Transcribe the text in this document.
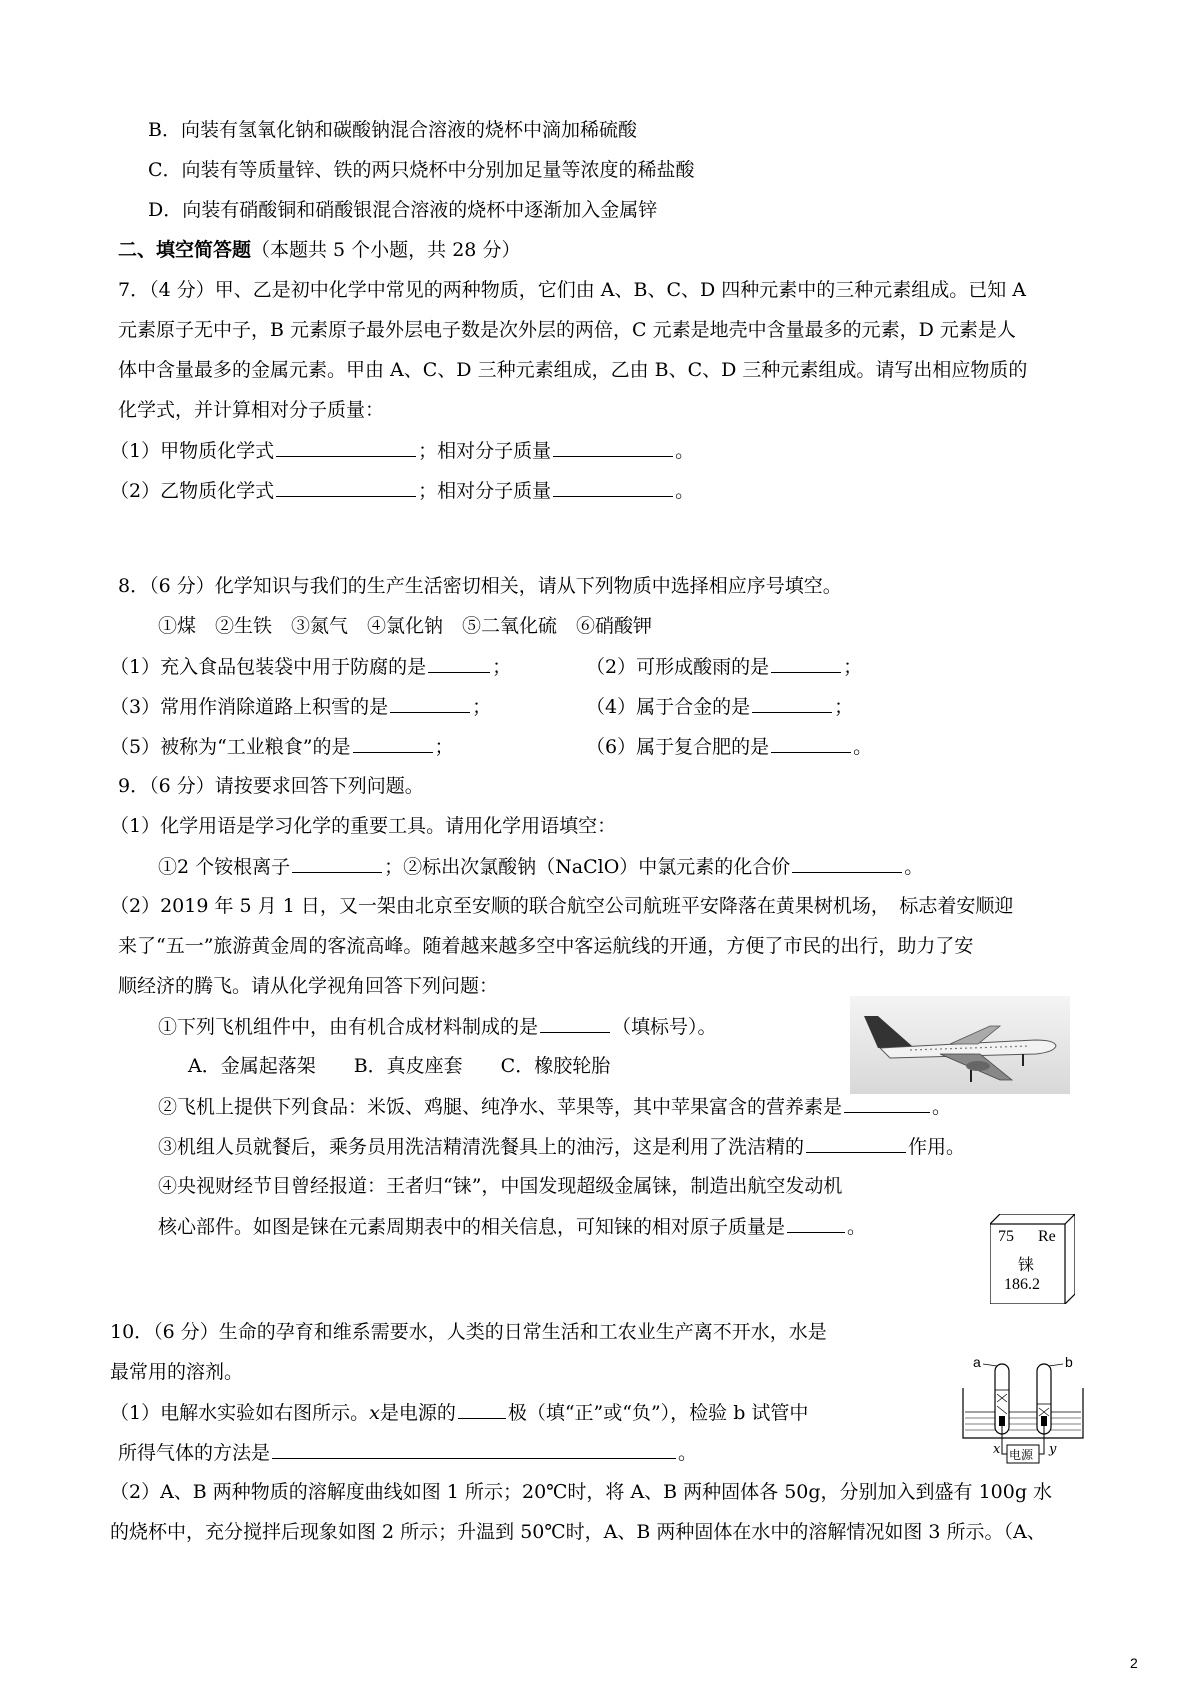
B．向装有氢氧化钠和碳酸钠混合溶液的烧杯中滴加稀硫酸
C．向装有等质量锌、铁的两只烧杯中分别加足量等浓度的稀盐酸
D．向装有硝酸铜和硝酸银混合溶液的烧杯中逐渐加入金属锌
二、填空简答题（本题共 5 个小题，共 28 分）
7．（4 分）甲、乙是初中化学中常见的两种物质，它们由 A、B、C、D 四种元素中的三种元素组成。已知 A
元素原子无中子，B 元素原子最外层电子数是次外层的两倍，C 元素是地壳中含量最多的元素，D 元素是人
体中含量最多的金属元素。甲由 A、C、D 三种元素组成，乙由 B、C、D 三种元素组成。请写出相应物质的
化学式，并计算相对分子质量：
（1）甲物质化学式	；相对分子质量	。
（2）乙物质化学式	；相对分子质量	。
8．（6 分）化学知识与我们的生产生活密切相关，请从下列物质中选择相应序号填空。
①煤　②生铁　③氮气　④氯化钠　⑤二氧化硫　⑥硝酸钾
（1）充入食品包装袋中用于防腐的是	；	（2）可形成酸雨的是	；
（3）常用作消除道路上积雪的是	；	（4）属于合金的是	；
（5）被称为“工业粮食”的是	；	（6）属于复合肥的是	。
9．（6 分）请按要求回答下列问题。
（1）化学用语是学习化学的重要工具。请用化学用语填空：
①2 个铵根离子	；②标出次氯酸钠（NaClO）中氯元素的化合价	。
（2）2019 年 5 月 1 日，又一架由北京至安顺的联合航空公司航班平安降落在黄果树机场，　标志着安顺迎
来了“五一”旅游黄金周的客流高峰。随着越来越多空中客运航线的开通，方便了市民的出行，助力了安
顺经济的腾飞。请从化学视角回答下列问题：
①下列飞机组件中，由有机合成材料制成的是	（填标号）。
A．金属起落架　　B．真皮座套　　C．橡胶轮胎
②飞机上提供下列食品：米饭、鸡腿、纯净水、苹果等，其中苹果富含的营养素是	。
③机组人员就餐后，乘务员用洗洁精清洗餐具上的油污，这是利用了洗洁精的	作用。
④央视财经节目曾经报道：王者归“铼”，中国发现超级金属铼，制造出航空发动机
核心部件。如图是铼在元素周期表中的相关信息，可知铼的相对原子质量是	。	75 Re
铼
186.2
10．（6 分）生命的孕育和维系需要水，人类的日常生活和工农业生产离不开水，水是
最常用的溶剂。
（1）电解水实验如右图所示。x是电源的	极（填“正”或“负”），检验 b 试管中
所得气体的方法是	。
（2）A、B 两种物质的溶解度曲线如图 1 所示；20℃时，将 A、B 两种固体各 50g，分别加入到盛有 100g 水
的烧杯中，充分搅拌后现象如图 2 所示；升温到 50℃时，A、B 两种固体在水中的溶解情况如图 3 所示。（A、
a	b
x	y
电源
2
